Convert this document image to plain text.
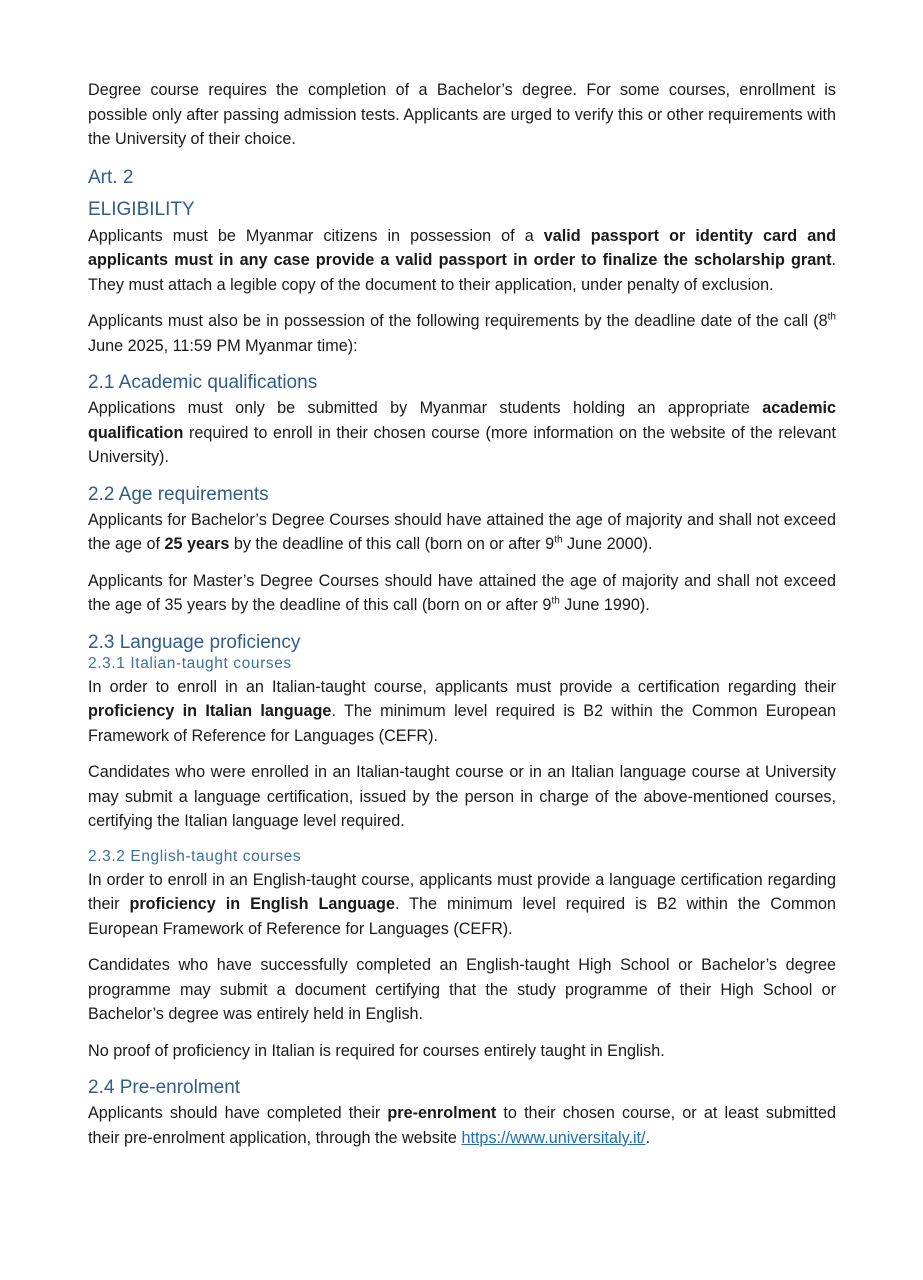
Degree course requires the completion of a Bachelor’s degree. For some courses, enrollment is possible only after passing admission tests. Applicants are urged to verify this or other requirements with the University of their choice.

Art. 2
ELIGIBILITY

Applicants must be Myanmar citizens in possession of a valid passport or identity card and applicants must in any case provide a valid passport in order to finalize the scholarship grant. They must attach a legible copy of the document to their application, under penalty of exclusion.

Applicants must also be in possession of the following requirements by the deadline date of the call (8th June 2025, 11:59 PM Myanmar time):

2.1 Academic qualifications

Applications must only be submitted by Myanmar students holding an appropriate academic qualification required to enroll in their chosen course (more information on the website of the relevant University).

2.2 Age requirements

Applicants for Bachelor’s Degree Courses should have attained the age of majority and shall not exceed the age of 25 years by the deadline of this call (born on or after 9th June 2000).

Applicants for Master’s Degree Courses should have attained the age of majority and shall not exceed the age of 35 years by the deadline of this call (born on or after 9th June 1990).

2.3 Language proficiency
2.3.1 Italian-taught courses

In order to enroll in an Italian-taught course, applicants must provide a certification regarding their proficiency in Italian language. The minimum level required is B2 within the Common European Framework of Reference for Languages (CEFR).

Candidates who were enrolled in an Italian-taught course or in an Italian language course at University may submit a language certification, issued by the person in charge of the above-mentioned courses, certifying the Italian language level required.

2.3.2 English-taught courses

In order to enroll in an English-taught course, applicants must provide a language certification regarding their proficiency in English Language. The minimum level required is B2 within the Common European Framework of Reference for Languages (CEFR).

Candidates who have successfully completed an English-taught High School or Bachelor’s degree programme may submit a document certifying that the study programme of their High School or Bachelor’s degree was entirely held in English.

No proof of proficiency in Italian is required for courses entirely taught in English.

2.4 Pre-enrolment

Applicants should have completed their pre-enrolment to their chosen course, or at least submitted their pre-enrolment application, through the website https://www.universitaly.it/.
